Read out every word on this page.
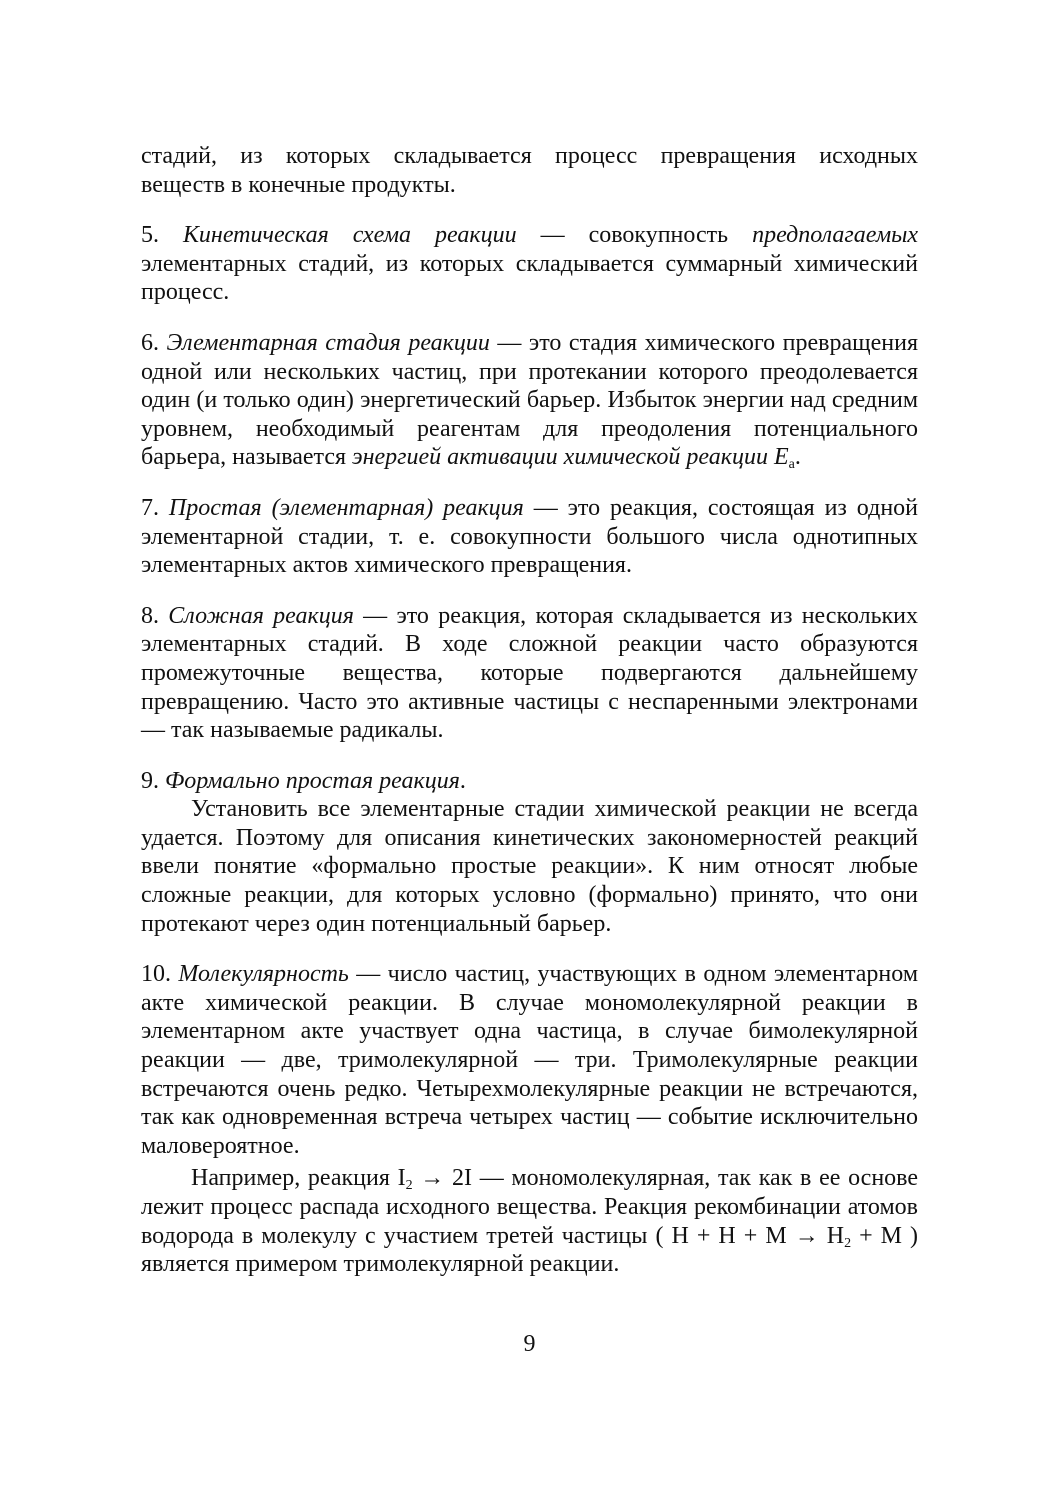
стадий, из которых складывается процесс превращения исходных

веществ в конечные продукты.

5. Кинетическая схема реакции — совокупность предполагаемых элементарных стадий, из которых складывается суммарный химический процесс.

6. Элементарная стадия реакции — это стадия химического превращения одной или нескольких частиц, при протекании которого преодолевается один (и только один) энергетический барьер. Избыток энергии над средним уровнем, необходимый реагентам для преодоления потенциального барьера, называется энергией активации химической реакции $E_а$.

7. Простая (элементарная) реакция — это реакция, состоящая из одной элементарной стадии, т. е. совокупности большого числа однотипных элементарных актов химического превращения.

8. Сложная реакция — это реакция, которая складывается из нескольких элементарных стадий. В ходе сложной реакции часто образуются промежуточные вещества, которые подвергаются дальнейшему превращению. Часто это активные частицы с неспаренными электронами — так называемые радикалы.

9. Формально простая реакция.

Установить все элементарные стадии химической реакции не всегда удается. Поэтому для описания кинетических закономерностей реакций ввели понятие «формально простые реакции». К ним относят любые сложные реакции, для которых условно (формально) принято, что они протекают через один потенциальный барьер.

10. Молекулярность — число частиц, участвующих в одном элементарном акте химической реакции. В случае мономолекулярной реакции в элементарном акте участвует одна частица, в случае бимолекулярной реакции — две, тримолекулярной — три. Тримолекулярные реакции встречаются очень редко. Четырехмолекулярные реакции не встречаются, так как одновременная встреча четырех частиц — событие исключительно маловероятное.

Например, реакция $I_2 \to 2I$ — мономолекулярная, так как в ее основе лежит процесс распада исходного вещества. Реакция рекомбинации атомов водорода в молекулу с участием третей частицы ( $H + H + M \to H_2 + M$ ) является примером тримолекулярной реакции.

9
